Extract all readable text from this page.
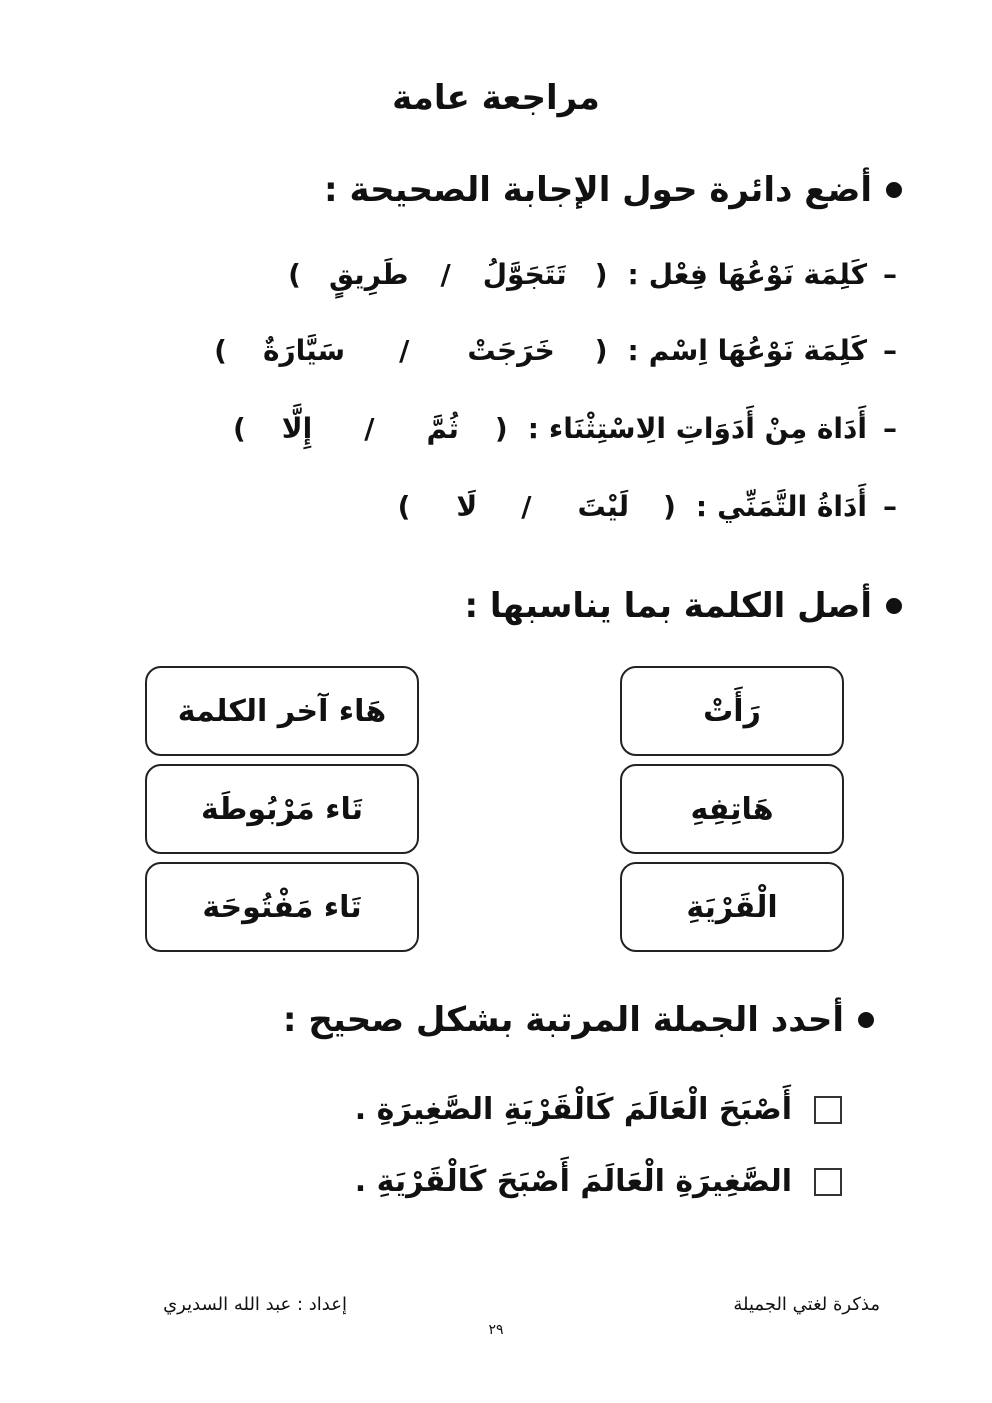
مراجعة عامة
أضع دائرة حول الإجابة الصحيحة :
–
كَلِمَة نَوْعُهَا فِعْل
:
(
تَتَجَوَّلُ
/
طَرِيقٍ
)
–
كَلِمَة نَوْعُهَا اِسْم
:
(
خَرَجَتْ
/
سَيَّارَةٌ
)
–
أَدَاة مِنْ أَدَوَاتِ الِاسْتِثْنَاء
:
(
ثُمَّ
/
إِلَّا
)
–
أَدَاةُ التَّمَنِّي
:
(
لَيْتَ
/
لَا
)
أصل الكلمة بما يناسبها :
رَأَتْ
هَاتِفِهِ
الْقَرْيَةِ
هَاء آخر الكلمة
تَاء مَرْبُوطَة
تَاء مَفْتُوحَة
أحدد الجملة المرتبة بشكل صحيح :
أَصْبَحَ الْعَالَمَ كَالْقَرْيَةِ الصَّغِيرَةِ .
الصَّغِيرَةِ الْعَالَمَ أَصْبَحَ كَالْقَرْيَةِ .
مذكرة لغتي الجميلة
إعداد : عبد الله السديري
٢٩
